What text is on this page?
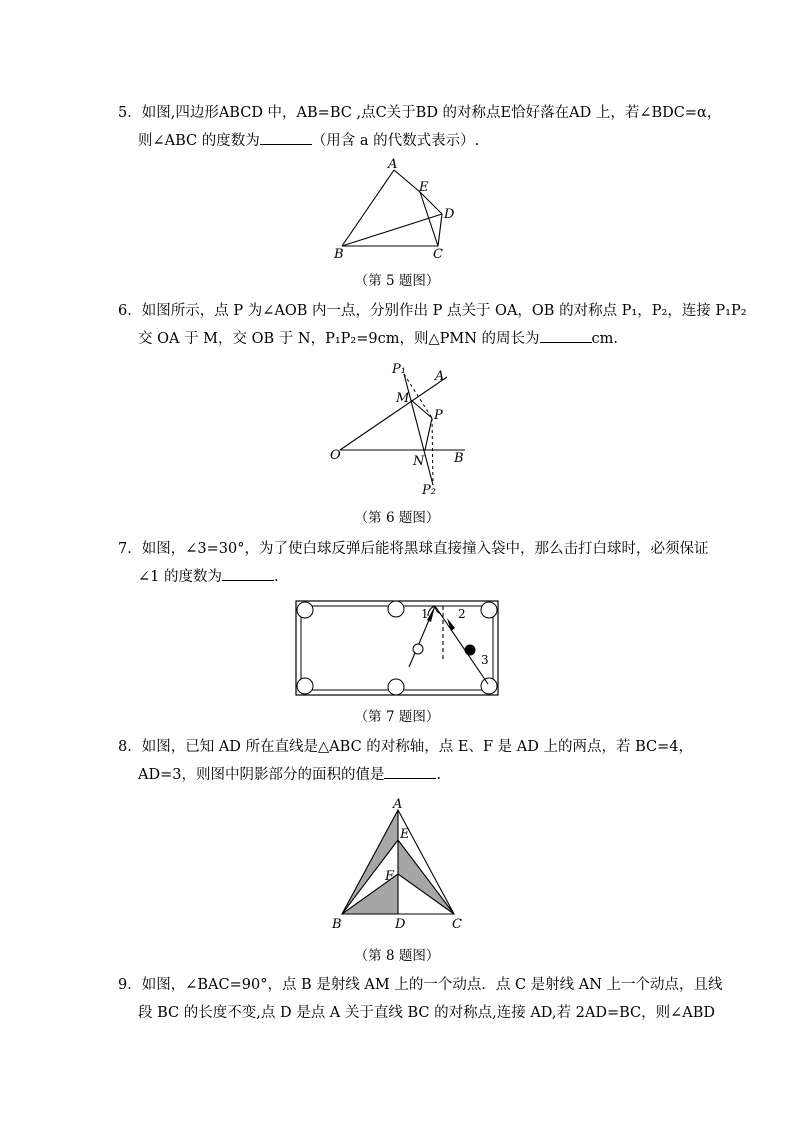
5．如图,四边形ABCD 中，AB=BC ,点C关于BD 的对称点E恰好落在AD 上，若∠BDC=α，
则∠ABC 的度数为	（用含 a 的代数式表示）.
A
E
D
B	C
（第 5 题图）
6．如图所示，点 P 为∠AOB 内一点，分别作出 P 点关于 OA，OB 的对称点 P₁，P₂，连接 P₁P₂
交 OA 于 M，交 OB 于 N，P₁P₂=9cm，则△PMN 的周长为	cm.
P₁ A
M
P
O	N B
P₂
（第 6 题图）
7．如图，∠3=30°，为了使白球反弹后能将黑球直接撞入袋中，那么击打白球时，必须保证
∠1 的度数为	.
1 2
3
（第 7 题图）
8．如图，已知 AD 所在直线是△ABC 的对称轴，点 E、F 是 AD 上的两点，若 BC=4，
AD=3，则图中阴影部分的面积的值是	.
A
E
F
B	D	C
（第 8 题图）
9．如图，∠BAC=90°，点 B 是射线 AM 上的一个动点．点 C 是射线 AN 上一个动点，且线
段 BC 的长度不变,点 D 是点 A 关于直线 BC 的对称点,连接 AD,若 2AD=BC，则∠ABD
